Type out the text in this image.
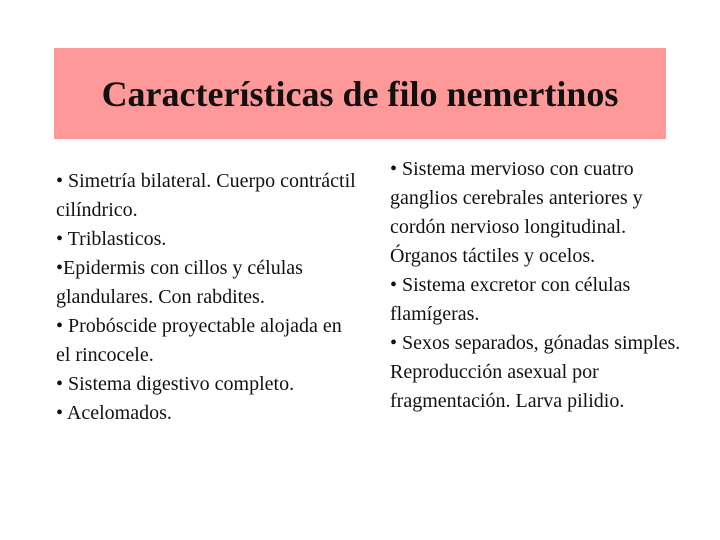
Características de filo nemertinos

• Simetría bilateral. Cuerpo contráctil cilíndrico.

• Triblasticos.

•Epidermis con cillos y células glandulares. Con rabdites.

• Probóscide proyectable alojada en el rincocele.

• Sistema digestivo completo.

• Acelomados.

• Sistema mervioso con cuatro ganglios cerebrales anteriores y cordón nervioso longitudinal. Órganos táctiles y ocelos.

• Sistema excretor con células flamígeras.

• Sexos separados, gónadas simples. Reproducción asexual por fragmentación. Larva pilidio.
